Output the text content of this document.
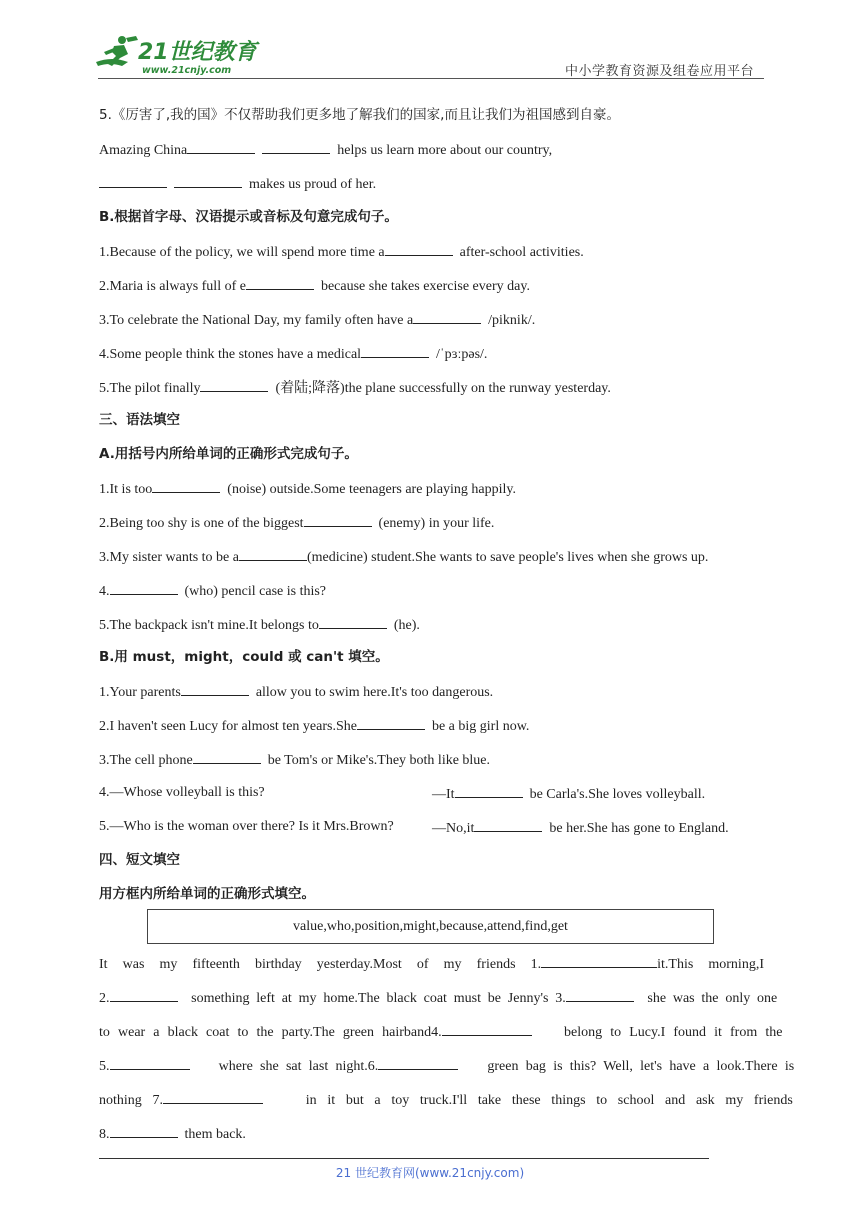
21世纪教育
www.21cnjy.com	中小学教育资源及组卷应用平台
5.《厉害了,我的国》不仅帮助我们更多地了解我们的国家,而且让我们为祖国感到自豪。
Amazing China	helps us learn more about our country,
makes us proud of her.
B.根据首字母、汉语提示或音标及句意完成句子。
1.Because of the policy, we will spend more time a	after-school activities.
2.Maria is always full of e	because she takes exercise every day.
3.To celebrate the National Day, my family often have a	/piknik/.
4.Some people think the stones have a medical	/ˈpɜːpəs/.
5.The pilot finally	(着陆;降落)the plane successfully on the runway yesterday.
三、语法填空
A.用括号内所给单词的正确形式完成句子。
1.It is too	(noise) outside.Some teenagers are playing happily.
2.Being too shy is one of the biggest	(enemy) in your life.
3.My sister wants to be a	(medicine) student.She wants to save people's lives when she grows up.
4.	(who) pencil case is this?
5.The backpack isn't mine.It belongs to	(he).
B.用 must，might，could 或 can't 填空。
1.Your parents	allow you to swim here.It's too dangerous.
2.I haven't seen Lucy for almost ten years.She	be a big girl now.
3.The cell phone	be Tom's or Mike's.They both like blue.
4.—Whose volleyball is this?	—It	be Carla's.She loves volleyball.
5.—Who is the woman over there? Is it Mrs.Brown?	—No,it	be her.She has gone to England.
四、短文填空
用方框内所给单词的正确形式填空。
value,who,position,might,because,attend,find,get
It was my fifteenth birthday yesterday.Most of my friends 1.	it.This morning,I
2.	something left at my home.The black coat must be Jenny's 3.	she was the only one
to wear a black coat to the party.The green hairband4.	belong to Lucy.I found it from the
5.	where she sat last night.6.	green bag is this? Well, let's have a look.There is
nothing 7.	in it but a toy truck.I'll take these things to school and ask my friends
8.	them back.
21 世纪教育网(www.21cnjy.com)
